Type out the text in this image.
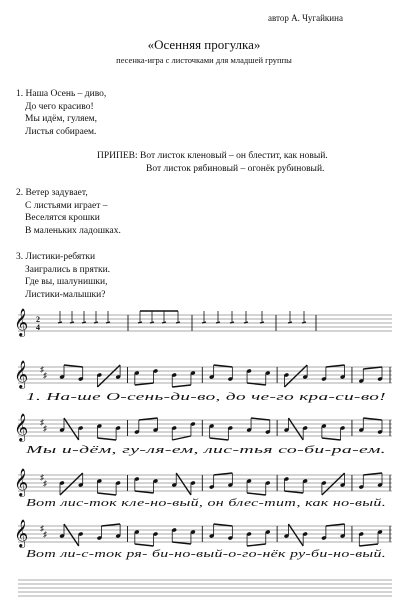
автор А. Чугайкина
«Осенняя прогулка»
песенка-игра с листочками для младшей группы
1. Наша Осень – диво,
До чего красиво!
Мы идём, гуляем,
Листья собираем.
ПРИПЕВ: Вот листок кленовый – он блестит, как новый.
Вот листок рябиновый – огонёк рубиновый.
2. Ветер задувает,
С листьями играет –
Веселятся крошки
В маленьких ладошках.
3. Листики-ребятки
Заигрались в прятки.
Где вы, шалунишки,
Листики-малышки?
𝄞 2
4
𝄞 ♯
♯
𝄞 ♯
♯
𝄞 ♯
♯
𝄞 ♯
♯
1. На-ше О-сень-ди-во, до че-го кра-си-во!
Мы и-дём, гу-ля-ем, лис-тья со-би-ра-ем.
Вот лис-ток кле-но-вый, он блес-тит, как но-вый.
Вот ли-с-ток ря- би-но-вый-о-го-нёк ру-би-но-вый.
